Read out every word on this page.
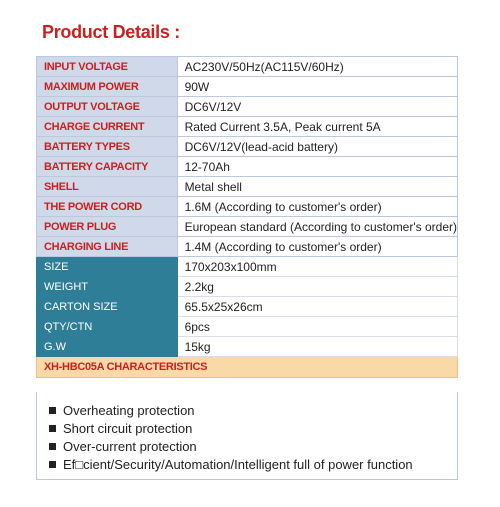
Product Details :
INPUT VOLTAGE	AC230V/50Hz(AC115V/60Hz)
MAXIMUM POWER	90W
OUTPUT VOLTAGE	DC6V/12V
CHARGE CURRENT	Rated Current 3.5A, Peak current 5A
BATTERY TYPES	DC6V/12V(lead-acid battery)
BATTERY CAPACITY	12-70Ah
SHELL	Metal shell
THE POWER CORD	1.6M (According to customer's order)
POWER PLUG	European standard (According to customer's order)
CHARGING LINE	1.4M (According to customer's order)
SIZE	170x203x100mm
WEIGHT	2.2kg
CARTON SIZE	65.5x25x26cm
QTY/CTN	6pcs
G.W	15kg
XH-HBC05A CHARACTERISTICS	
Overheating protection
Short circuit protection
Over-current protection
Ef□cient/Security/Automation/Intelligent full of power function
